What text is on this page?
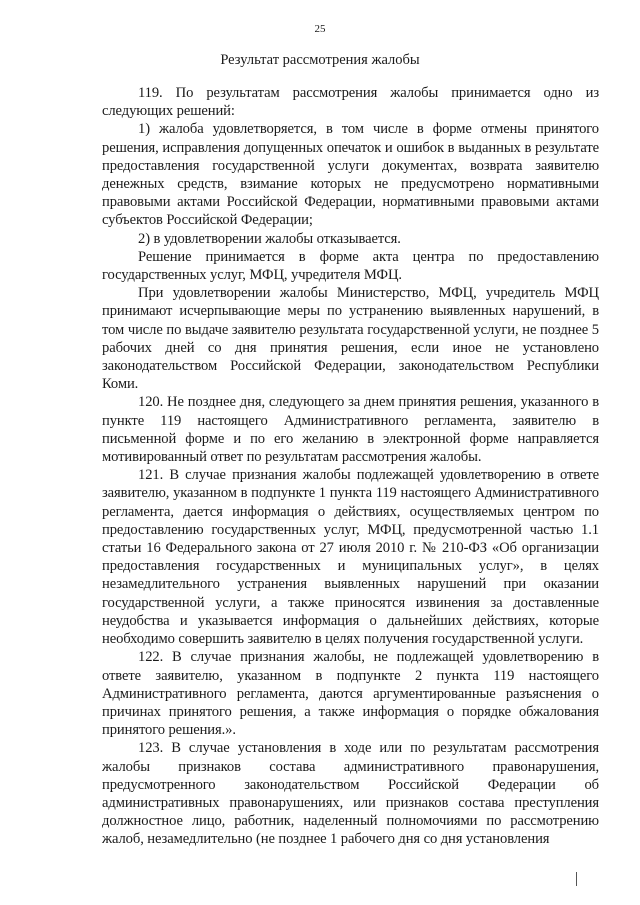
25
Результат рассмотрения жалобы

119. По результатам рассмотрения жалобы принимается одно из следующих решений:

1) жалоба удовлетворяется, в том числе в форме отмены принятого решения, исправления допущенных опечаток и ошибок в выданных в результате предоставления государственной услуги документах, возврата заявителю денежных средств, взимание которых не предусмотрено нормативными правовыми актами Российской Федерации, нормативными правовыми актами субъектов Российской Федерации;

2) в удовлетворении жалобы отказывается.

Решение принимается в форме акта центра по предоставлению государственных услуг, МФЦ, учредителя МФЦ.

При удовлетворении жалобы Министерство, МФЦ, учредитель МФЦ принимают исчерпывающие меры по устранению выявленных нарушений, в том числе по выдаче заявителю результата государственной услуги, не позднее 5 рабочих дней со дня принятия решения, если иное не установлено законодательством Российской Федерации, законодательством Республики Коми.

120. Не позднее дня, следующего за днем принятия решения, указанного в пункте 119 настоящего Административного регламента, заявителю в письменной форме и по его желанию в электронной форме направляется мотивированный ответ по результатам рассмотрения жалобы.

121. В случае признания жалобы подлежащей удовлетворению в ответе заявителю, указанном в подпункте 1 пункта 119 настоящего Административного регламента, дается информация о действиях, осуществляемых центром по предоставлению государственных услуг, МФЦ, предусмотренной частью 1.1 статьи 16 Федерального закона от 27 июля 2010 г. № 210-ФЗ «Об организации предоставления государственных и муниципальных услуг», в целях незамедлительного устранения выявленных нарушений при оказании государственной услуги, а также приносятся извинения за доставленные неудобства и указывается информация о дальнейших действиях, которые необходимо совершить заявителю в целях получения государственной услуги.

122. В случае признания жалобы, не подлежащей удовлетворению в ответе заявителю, указанном в подпункте 2 пункта 119 настоящего Административного регламента, даются аргументированные разъяснения о причинах принятого решения, а также информация о порядке обжалования принятого решения.».

123. В случае установления в ходе или по результатам рассмотрения жалобы признаков состава административного правонарушения, предусмотренного законодательством Российской Федерации об административных правонарушениях, или признаков состава преступления должностное лицо, работник, наделенный полномочиями по рассмотрению жалоб, незамедлительно (не позднее 1 рабочего дня со дня установления
